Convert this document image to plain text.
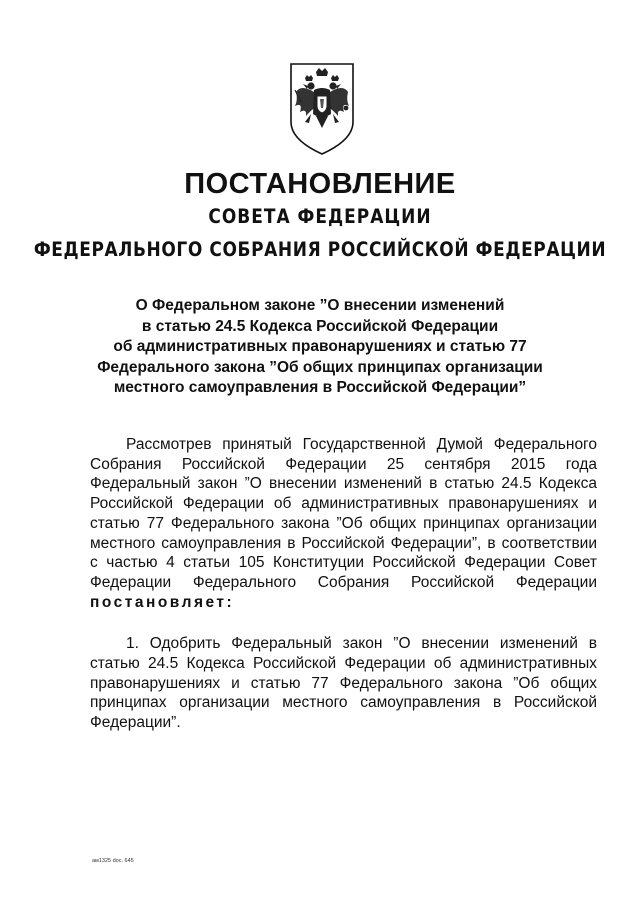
ПОСТАНОВЛЕНИЕ
СОВЕТА ФЕДЕРАЦИИ
ФЕДЕРАЛЬНОГО СОБРАНИЯ РОССИЙСКОЙ ФЕДЕРАЦИИ
О Федеральном законе ”О внесении изменений
в статью 24.5 Кодекса Российской Федерации
об административных правонарушениях и статью 77
Федерального закона ”Об общих принципах организации
местного самоуправления в Российской Федерации”

Рассмотрев принятый Государственной Думой Федерального Собрания Российской Федерации 25 сентября 2015 года Федеральный закон ”О внесении изменений в статью 24.5 Кодекса Российской Федерации об административных правонарушениях и статью 77 Федерального закона ”Об общих принципах организации местного самоуправления в Российской Федерации”, в соответствии с частью 4 статьи 105 Конституции Российской Федерации Совет Федерации Федерального Собрания Российской Федерации постановляет:

1. Одобрить Федеральный закон ”О внесении изменений в статью 24.5 Кодекса Российской Федерации об административных правонарушениях и статью 77 Федерального закона ”Об общих принципах организации местного самоуправления в Российской Федерации”.

ам1325 doc. 645
